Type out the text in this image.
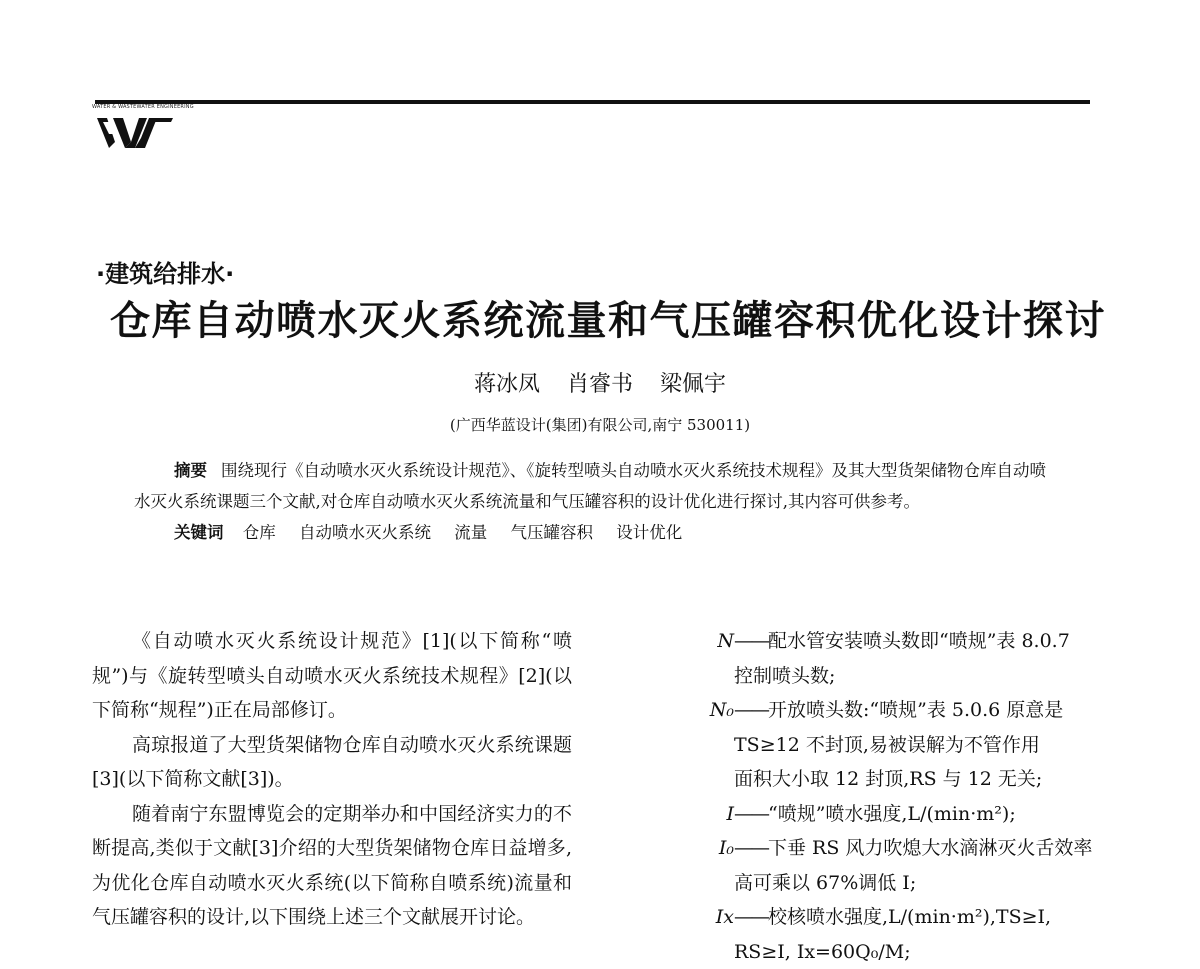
WATER & WASTEWATER ENGINEERING
·建筑给排水·
仓库自动喷水灭火系统流量和气压罐容积优化设计探讨
蒋冰凤 肖睿书 梁佩宇
(广西华蓝设计(集团)有限公司,南宁 530011)

摘要 围绕现行《自动喷水灭火系统设计规范》、《旋转型喷头自动喷水灭火系统技术规程》及其大型货架储物仓库自动喷水灭火系统课题三个文献,对仓库自动喷水灭火系统流量和气压罐容积的设计优化进行探讨,其内容可供参考。

关键词 仓库 自动喷水灭火系统 流量 气压罐容积 设计优化

《自动喷水灭火系统设计规范》[1](以下简称“喷规”)与《旋转型喷头自动喷水灭火系统技术规程》[2](以下简称“规程”)正在局部修订。

高琼报道了大型货架储物仓库自动喷水灭火系统课题[3](以下简称文献[3])。

随着南宁东盟博览会的定期举办和中国经济实力的不断提高,类似于文献[3]介绍的大型货架储物仓库日益增多,为优化仓库自动喷水灭火系统(以下简称自喷系统)流量和气压罐容积的设计,以下围绕上述三个文献展开讨论。

N ——配水管安装喷头数即“喷规”表 8.0.7
控制喷头数;
N₀ ——开放喷头数:“喷规”表 5.0.6 原意是
TS≥12 不封顶,易被误解为不管作用
面积大小取 12 封顶,RS 与 12 无关;
I ——“喷规”喷水强度,L/(min·m²);
I₀ ——下垂 RS 风力吹熄大水滴淋灭火舌效率
高可乘以 67%调低 I;
Ix ——校核喷水强度,L/(min·m²),TS≥I,
RS≥I, Ix=60Q₀/M;
